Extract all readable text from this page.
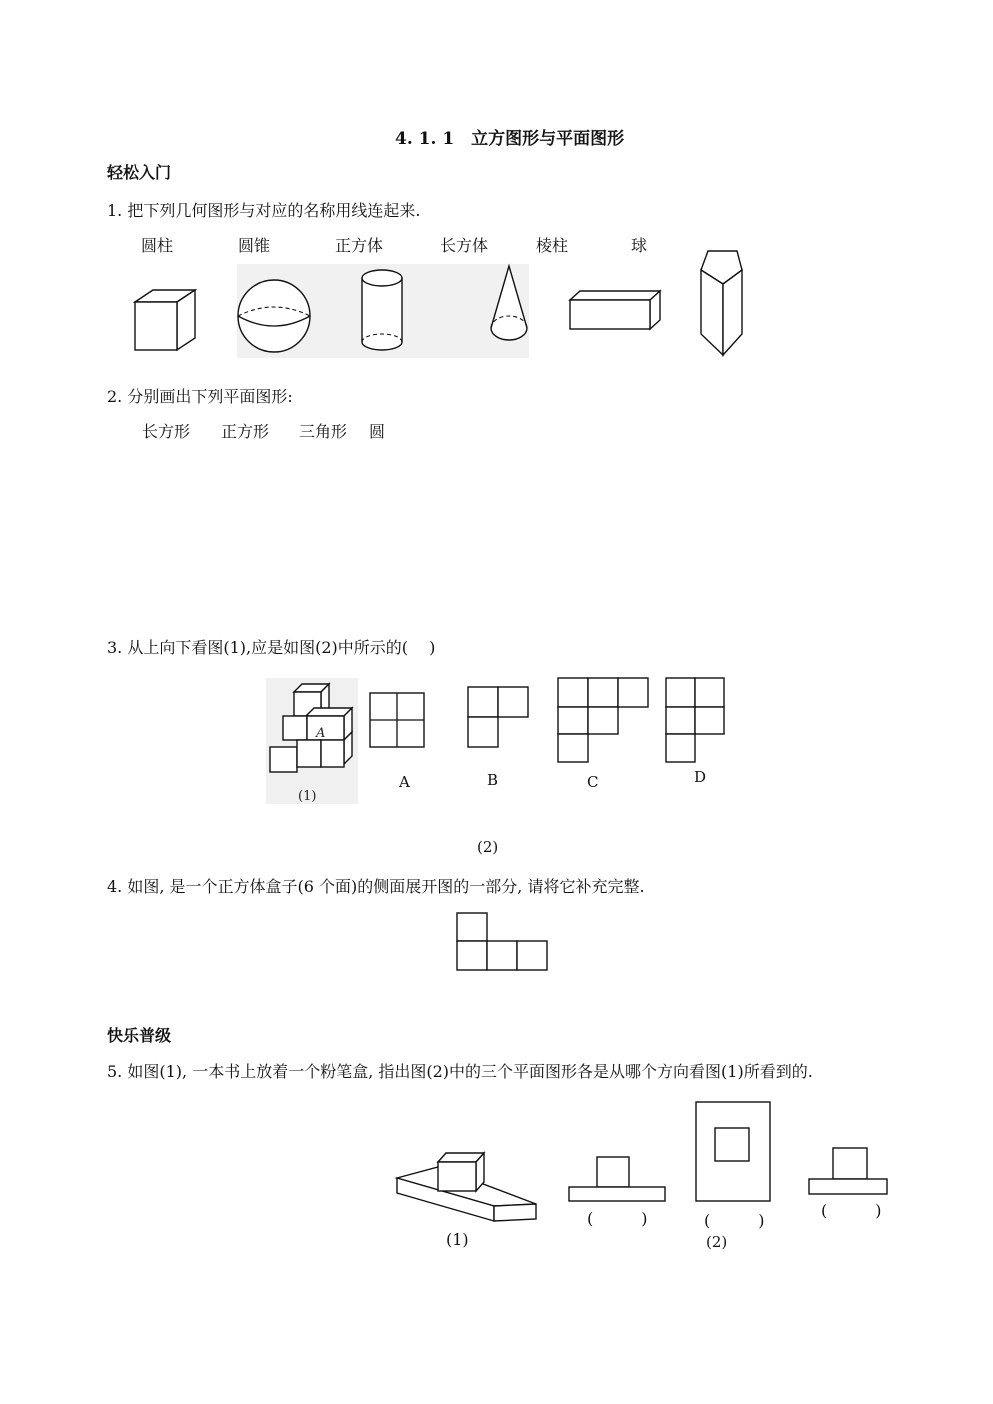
4. 1. 1　立方图形与平面图形
轻松入门
1. 把下列几何图形与对应的名称用线连起来.
圆柱	圆锥	正方体	长方体	棱柱	球
2. 分别画出下列平面图形:
长方形 正方形 三角形 圆
3. 从上向下看图(1),应是如图(2)中所示的(　 )
A
(1)
A	B	C	D
(2)
4. 如图, 是一个正方体盒子(6 个面)的侧面展开图的一部分, 请将它补充完整.
快乐普级
5. 如图(1), 一本书上放着一个粉笔盒, 指出图(2)中的三个平面图形各是从哪个方向看图(1)所看到的.
(　　　)	(　　　)
(　　　)
(1)	(2)
